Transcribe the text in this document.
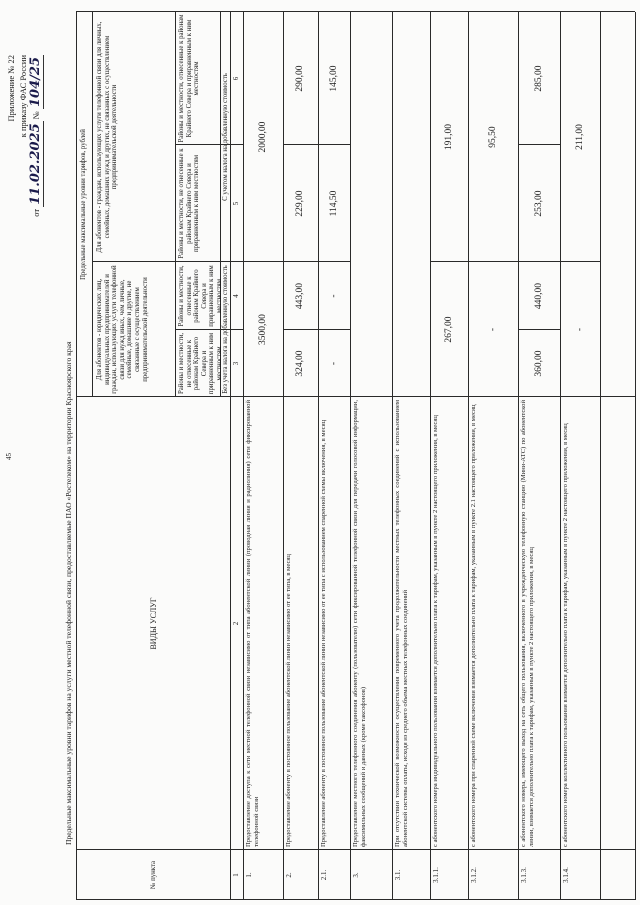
45
Приложение № 22 к приказу ФАС России
от 11.02.2025 № 104/25
Предельные максимальные уровни тарифов на услуги местной телефонной связи, предоставляемые ПАО «Ростелеком» на территории Красноярского края
1
2
3
4
5
6
№ пункта
ВИДЫ УСЛУГ
Предельные максимальные уровни тарифов, рублей
Для абонентов - юридических лиц, индивидуальных предпринимателей и граждан, использующих услуги телефонной связи для нужд иных, чем личные, семейные, домашние и другие, не связанные с осуществлением предпринимательской деятельности
Для абонентов - граждан, использующих услуги телефонной связи для личных, семейных, домашних нужд и других, не связанных с осуществлением предпринимательской деятельности
Районы и местности, не отнесенные к районам Крайнего Севера и приравненным к ним местностям
Районы и местности, отнесенные к районам Крайнего Севера и приравненным к ним местностям
Районы и местности, не отнесенные к районам Крайнего Севера и приравненным к ним местностям
Районы и местности, отнесенные к районам Крайнего Севера и приравненным к ним местностям
Без учета налога на добавленную стоимость
С учетом налога на добавленную стоимость
1.
Предоставление доступа к сети местной телефонной связи независимо от типа абонентской линии (проводная линия и радиолиния) сети фиксированной телефонной связи
3500,00
2000,00
2.
Предоставление абоненту в постоянное пользование абонентской линии независимо от ее типа, в месяц
324,00
443,00
229,00
290,00
2.1.
Предоставление абоненту в постоянное пользование абонентской линии независимо от ее типа с использованием спаренной схемы включения, в месяц
-
-
114,50
145,00
3.
Предоставление местного телефонного соединения абоненту (пользователю) сети фиксированной телефонной связи для передачи голосовой информации, факсимильных сообщений и данных (кроме таксофонов)
3.1.
При отсутствии технической возможности осуществления повременного учета продолжительности местных телефонных соединений с использованием абонентской системы оплаты, исходя из среднего объема местных телефонных соединений
3.1.1.
с абонентского номера индивидуального пользования взимается дополнительно плата к тарифам, указанным в пункте 2 настоящего приложения, в месяц
267,00
191,00
3.1.2.
с абонентского номера при спаренной схеме включения взимается дополнительно плата к тарифам, указанным в пункте 2.1 настоящего приложения, в месяц
-
95,50
3.1.3.
с абонентского номера, имеющего выход на сеть общего пользования, включенного в учрежденческую телефонную станцию (Мини-АТС) по абонентской линии, взимается дополнительно плата к тарифам, указанным в пункте 2 настоящего приложения, в месяц
360,00
440,00
253,00
285,00
3.1.4.
с абонентского номера коллективного пользования взимается дополнительно плата к тарифам, указанным в пункте 2 настоящего приложения, в месяц
-
211,00
